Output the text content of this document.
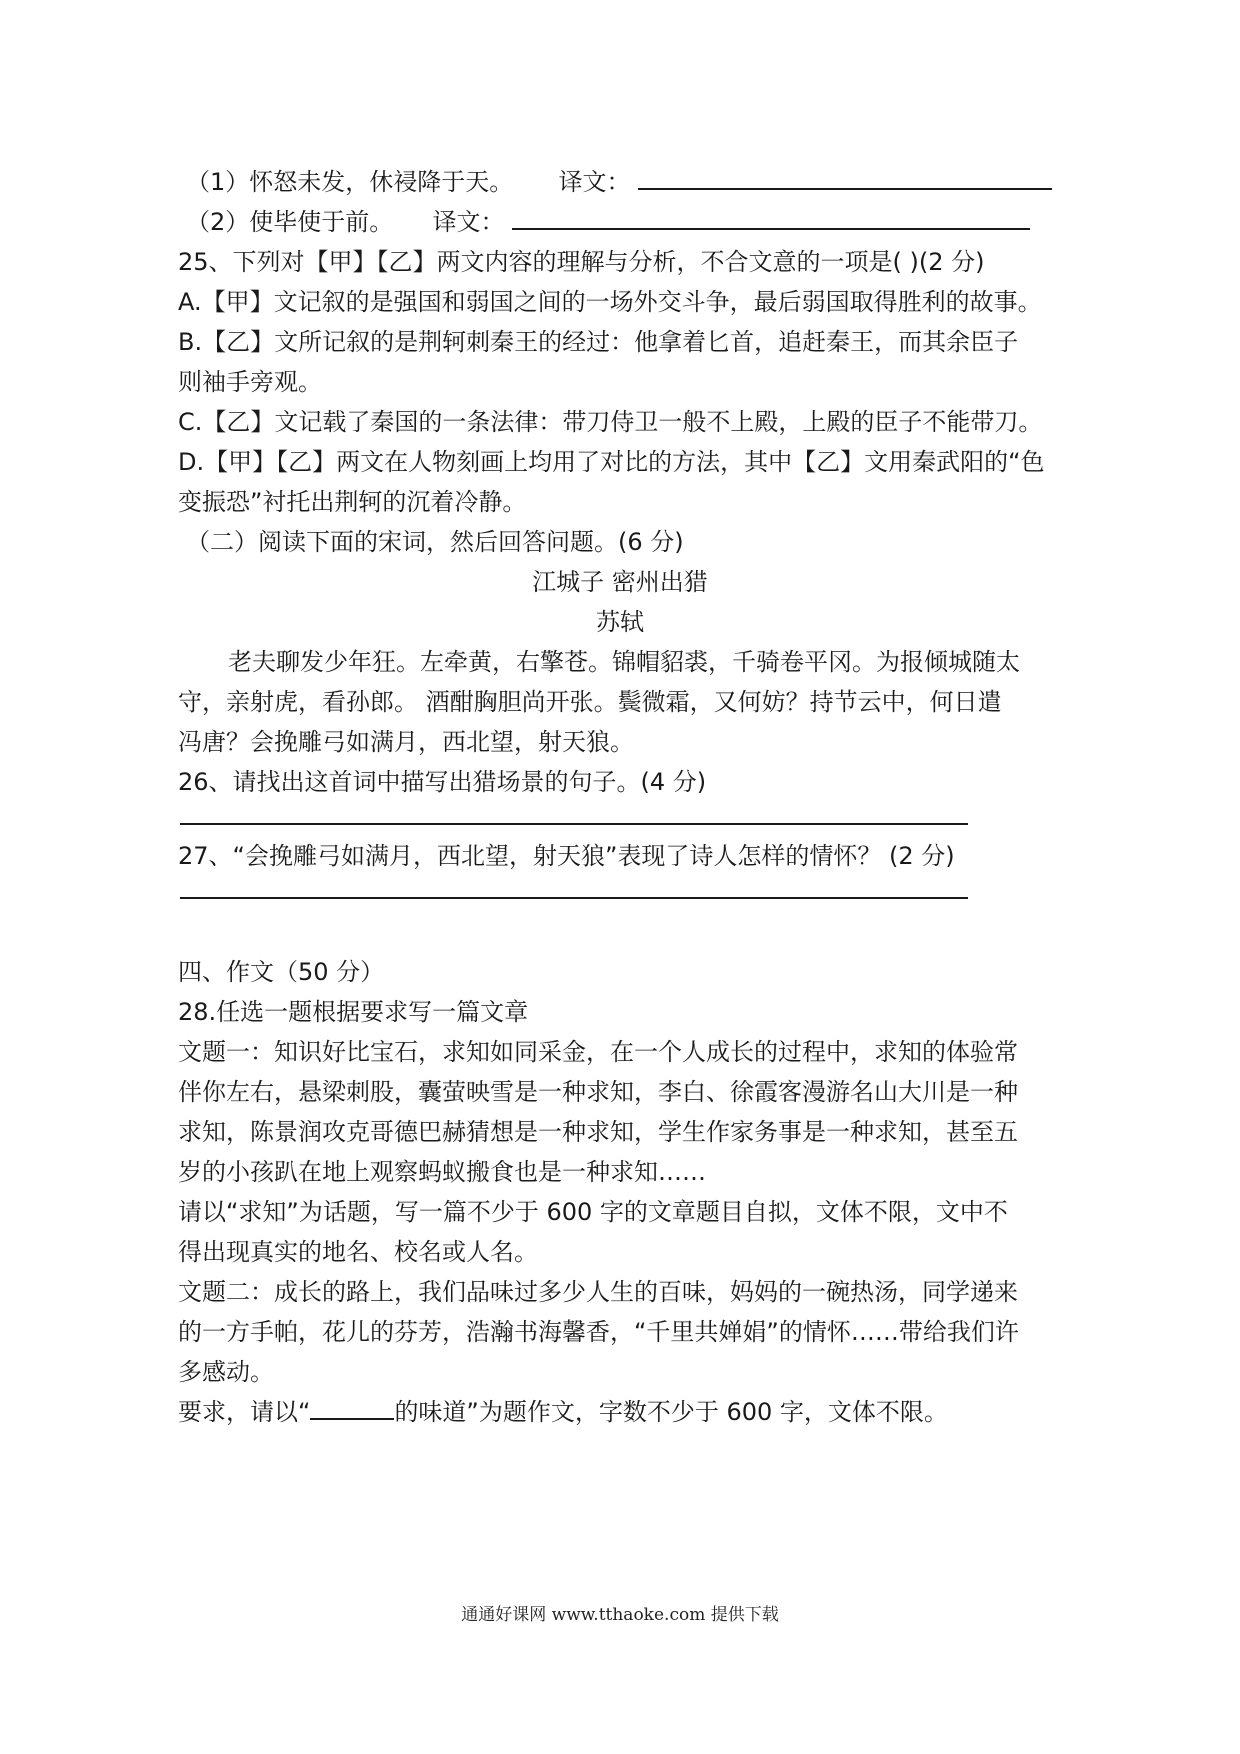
（1）怀怒未发，休祲降于天。 译文：
（2）使毕使于前。 译文：
25、下列对【甲】【乙】两文内容的理解与分析，不合文意的一项是( )(2 分)
A.【甲】文记叙的是强国和弱国之间的一场外交斗争，最后弱国取得胜利的故事。
B.【乙】文所记叙的是荆轲刺秦王的经过：他拿着匕首，追赶秦王，而其余臣子
则袖手旁观。
C.【乙】文记载了秦国的一条法律：带刀侍卫一般不上殿，上殿的臣子不能带刀。
D.【甲】【乙】两文在人物刻画上均用了对比的方法，其中【乙】文用秦武阳的“色
变振恐”衬托出荆轲的沉着冷静。
（二）阅读下面的宋词，然后回答问题。(6 分)
江城子 密州出猎
苏轼
老夫聊发少年狂。左牵黄，右擎苍。锦帽貂裘，千骑卷平冈。为报倾城随太
守，亲射虎，看孙郎。 酒酣胸胆尚开张。鬓微霜，又何妨？持节云中，何日遣
冯唐？会挽雕弓如满月，西北望，射天狼。
26、请找出这首词中描写出猎场景的句子。(4 分)
27、“会挽雕弓如满月，西北望，射天狼”表现了诗人怎样的情怀？ (2 分)
四、作文（50 分）
28.任选一题根据要求写一篇文章
文题一：知识好比宝石，求知如同采金，在一个人成长的过程中，求知的体验常
伴你左右，悬梁刺股，囊萤映雪是一种求知，李白、徐霞客漫游名山大川是一种
求知，陈景润攻克哥德巴赫猜想是一种求知，学生作家务事是一种求知，甚至五
岁的小孩趴在地上观察蚂蚁搬食也是一种求知……
请以“求知”为话题，写一篇不少于 600 字的文章题目自拟，文体不限，文中不
得出现真实的地名、校名或人名。
文题二：成长的路上，我们品味过多少人生的百味，妈妈的一碗热汤，同学递来
的一方手帕，花儿的芬芳，浩瀚书海馨香，“千里共婵娟”的情怀……带给我们许
多感动。
要求，请以“	的味道”为题作文，字数不少于 600 字，文体不限。
通通好课网 www.tthaoke.com 提供下载
